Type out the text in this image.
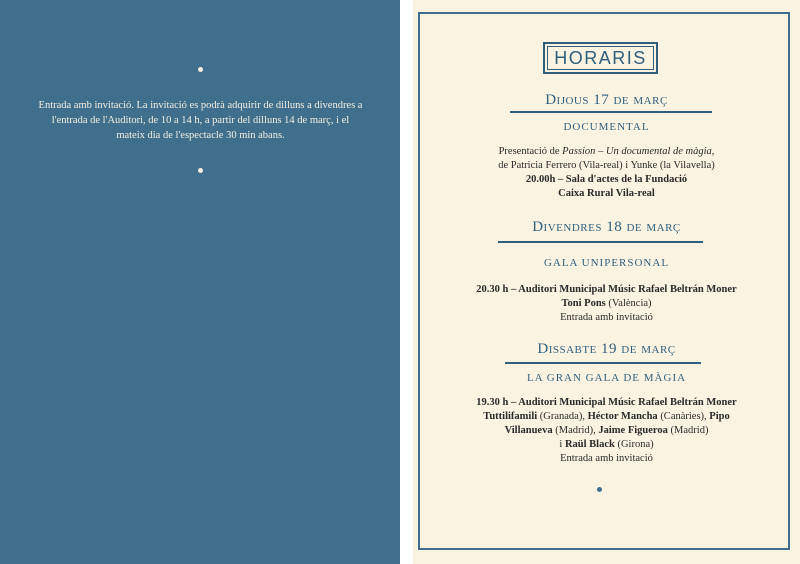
Entrada amb invitació. La invitació es podrà adquirir de dilluns a divendres a l'entrada de l'Auditori, de 10 a 14 h, a partir del dilluns 14 de març, i el mateix dia de l'espectacle 30 min abans.
HORARIS
Dijous 17 de març
DOCUMENTAL
Presentació de Passion – Un documental de màgia,
de Patricia Ferrero (Vila-real) i Yunke (la Vilavella)
20.00h – Sala d'actes de la Fundació
Caixa Rural Vila-real
Divendres 18 de març
GALA UNIPERSONAL
20.30 h – Auditori Municipal Músic Rafael Beltrán Moner
Toni Pons (València)
Entrada amb invitació
Dissabte 19 de març
LA GRAN GALA DE MÀGIA
19.30 h – Auditori Municipal Músic Rafael Beltrán Moner
Tuttilifamili (Granada), Héctor Mancha (Canàries), Pipo
Villanueva (Madrid), Jaime Figueroa (Madrid)
i Raül Black (Girona)
Entrada amb invitació
